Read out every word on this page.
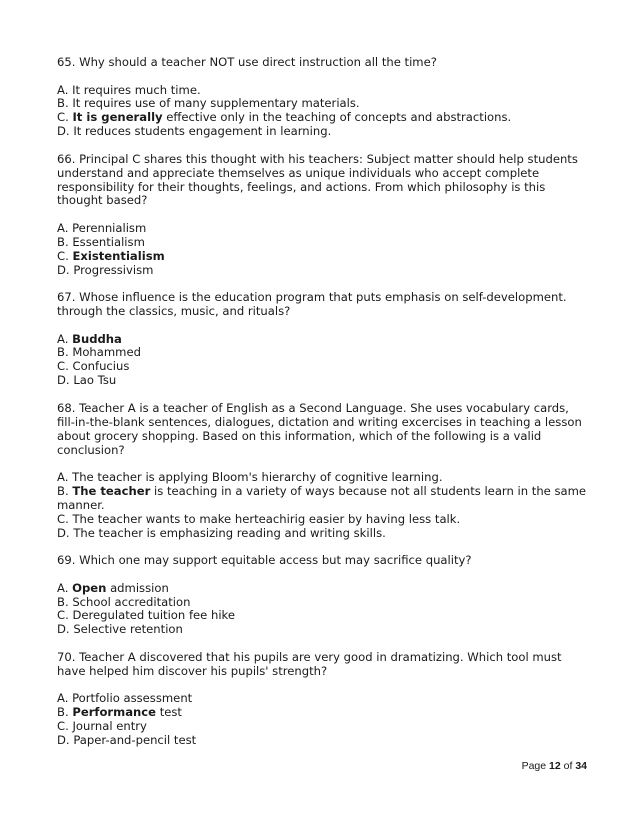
65. Why should a teacher NOT use direct instruction all the time?

A. It requires much time.

B. It requires use of many supplementary materials.

C. It is generally effective only in the teaching of concepts and abstractions.

D. It reduces students engagement in learning.

66. Principal C shares this thought with his teachers: Subject matter should help students understand and appreciate themselves as unique individuals who accept complete responsibility for their thoughts, feelings, and actions. From which philosophy is this thought based?

A. Perennialism

B. Essentialism

C. Existentialism

D. Progressivism

67. Whose influence is the education program that puts emphasis on self-development. through the classics, music, and rituals?

A. Buddha

B. Mohammed

C. Confucius

D. Lao Tsu

68. Teacher A is a teacher of English as a Second Language. She uses vocabulary cards, fill-in-the-blank sentences, dialogues, dictation and writing excercises in teaching a lesson about grocery shopping. Based on this information, which of the following is a valid conclusion?

A. The teacher is applying Bloom's hierarchy of cognitive learning.

B. The teacher is teaching in a variety of ways because not all students learn in the same manner.

C. The teacher wants to make herteachirig easier by having less talk.

D. The teacher is emphasizing reading and writing skills.

69. Which one may support equitable access but may sacrifice quality?

A. Open admission

B. School accreditation

C. Deregulated tuition fee hike

D. Selective retention

70. Teacher A discovered that his pupils are very good in dramatizing. Which tool must have helped him discover his pupils' strength?

A. Portfolio assessment

B. Performance test

C. Journal entry

D. Paper-and-pencil test

Page 12 of 34
